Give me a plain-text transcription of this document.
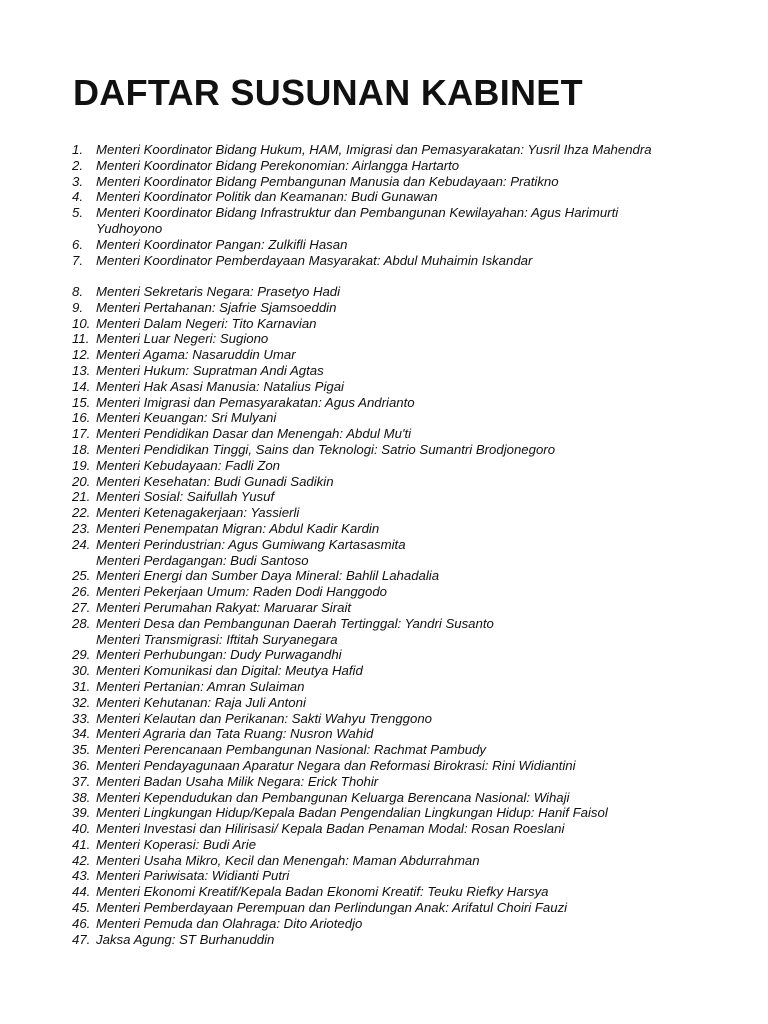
DAFTAR SUSUNAN KABINET
1. Menteri Koordinator Bidang Hukum, HAM, Imigrasi dan Pemasyarakatan: Yusril Ihza Mahendra
2. Menteri Koordinator Bidang Perekonomian: Airlangga Hartarto
3. Menteri Koordinator Bidang Pembangunan Manusia dan Kebudayaan: Pratikno
4. Menteri Koordinator Politik dan Keamanan: Budi Gunawan
5. Menteri Koordinator Bidang Infrastruktur dan Pembangunan Kewilayahan: Agus Harimurti
Yudhoyono
6. Menteri Koordinator Pangan: Zulkifli Hasan
7. Menteri Koordinator Pemberdayaan Masyarakat: Abdul Muhaimin Iskandar
8. Menteri Sekretaris Negara: Prasetyo Hadi
9. Menteri Pertahanan: Sjafrie Sjamsoeddin
10. Menteri Dalam Negeri: Tito Karnavian
11. Menteri Luar Negeri: Sugiono
12. Menteri Agama: Nasaruddin Umar
13. Menteri Hukum: Supratman Andi Agtas
14. Menteri Hak Asasi Manusia: Natalius Pigai
15. Menteri Imigrasi dan Pemasyarakatan: Agus Andrianto
16. Menteri Keuangan: Sri Mulyani
17. Menteri Pendidikan Dasar dan Menengah: Abdul Mu'ti
18. Menteri Pendidikan Tinggi, Sains dan Teknologi: Satrio Sumantri Brodjonegoro
19. Menteri Kebudayaan: Fadli Zon
20. Menteri Kesehatan: Budi Gunadi Sadikin
21. Menteri Sosial: Saifullah Yusuf
22. Menteri Ketenagakerjaan: Yassierli
23. Menteri Penempatan Migran: Abdul Kadir Kardin
24. Menteri Perindustrian: Agus Gumiwang Kartasasmita
Menteri Perdagangan: Budi Santoso
25. Menteri Energi dan Sumber Daya Mineral: Bahlil Lahadalia
26. Menteri Pekerjaan Umum: Raden Dodi Hanggodo
27. Menteri Perumahan Rakyat: Maruarar Sirait
28. Menteri Desa dan Pembangunan Daerah Tertinggal: Yandri Susanto
Menteri Transmigrasi: Iftitah Suryanegara
29. Menteri Perhubungan: Dudy Purwagandhi
30. Menteri Komunikasi dan Digital: Meutya Hafid
31. Menteri Pertanian: Amran Sulaiman
32. Menteri Kehutanan: Raja Juli Antoni
33. Menteri Kelautan dan Perikanan: Sakti Wahyu Trenggono
34. Menteri Agraria dan Tata Ruang: Nusron Wahid
35. Menteri Perencanaan Pembangunan Nasional: Rachmat Pambudy
36. Menteri Pendayagunaan Aparatur Negara dan Reformasi Birokrasi: Rini Widiantini
37. Menteri Badan Usaha Milik Negara: Erick Thohir
38. Menteri Kependudukan dan Pembangunan Keluarga Berencana Nasional: Wihaji
39. Menteri Lingkungan Hidup/Kepala Badan Pengendalian Lingkungan Hidup: Hanif Faisol
40. Menteri Investasi dan Hilirisasi/ Kepala Badan Penaman Modal: Rosan Roeslani
41. Menteri Koperasi: Budi Arie
42. Menteri Usaha Mikro, Kecil dan Menengah: Maman Abdurrahman
43. Menteri Pariwisata: Widianti Putri
44. Menteri Ekonomi Kreatif/Kepala Badan Ekonomi Kreatif: Teuku Riefky Harsya
45. Menteri Pemberdayaan Perempuan dan Perlindungan Anak: Arifatul Choiri Fauzi
46. Menteri Pemuda dan Olahraga: Dito Ariotedjo
47. Jaksa Agung: ST Burhanuddin
